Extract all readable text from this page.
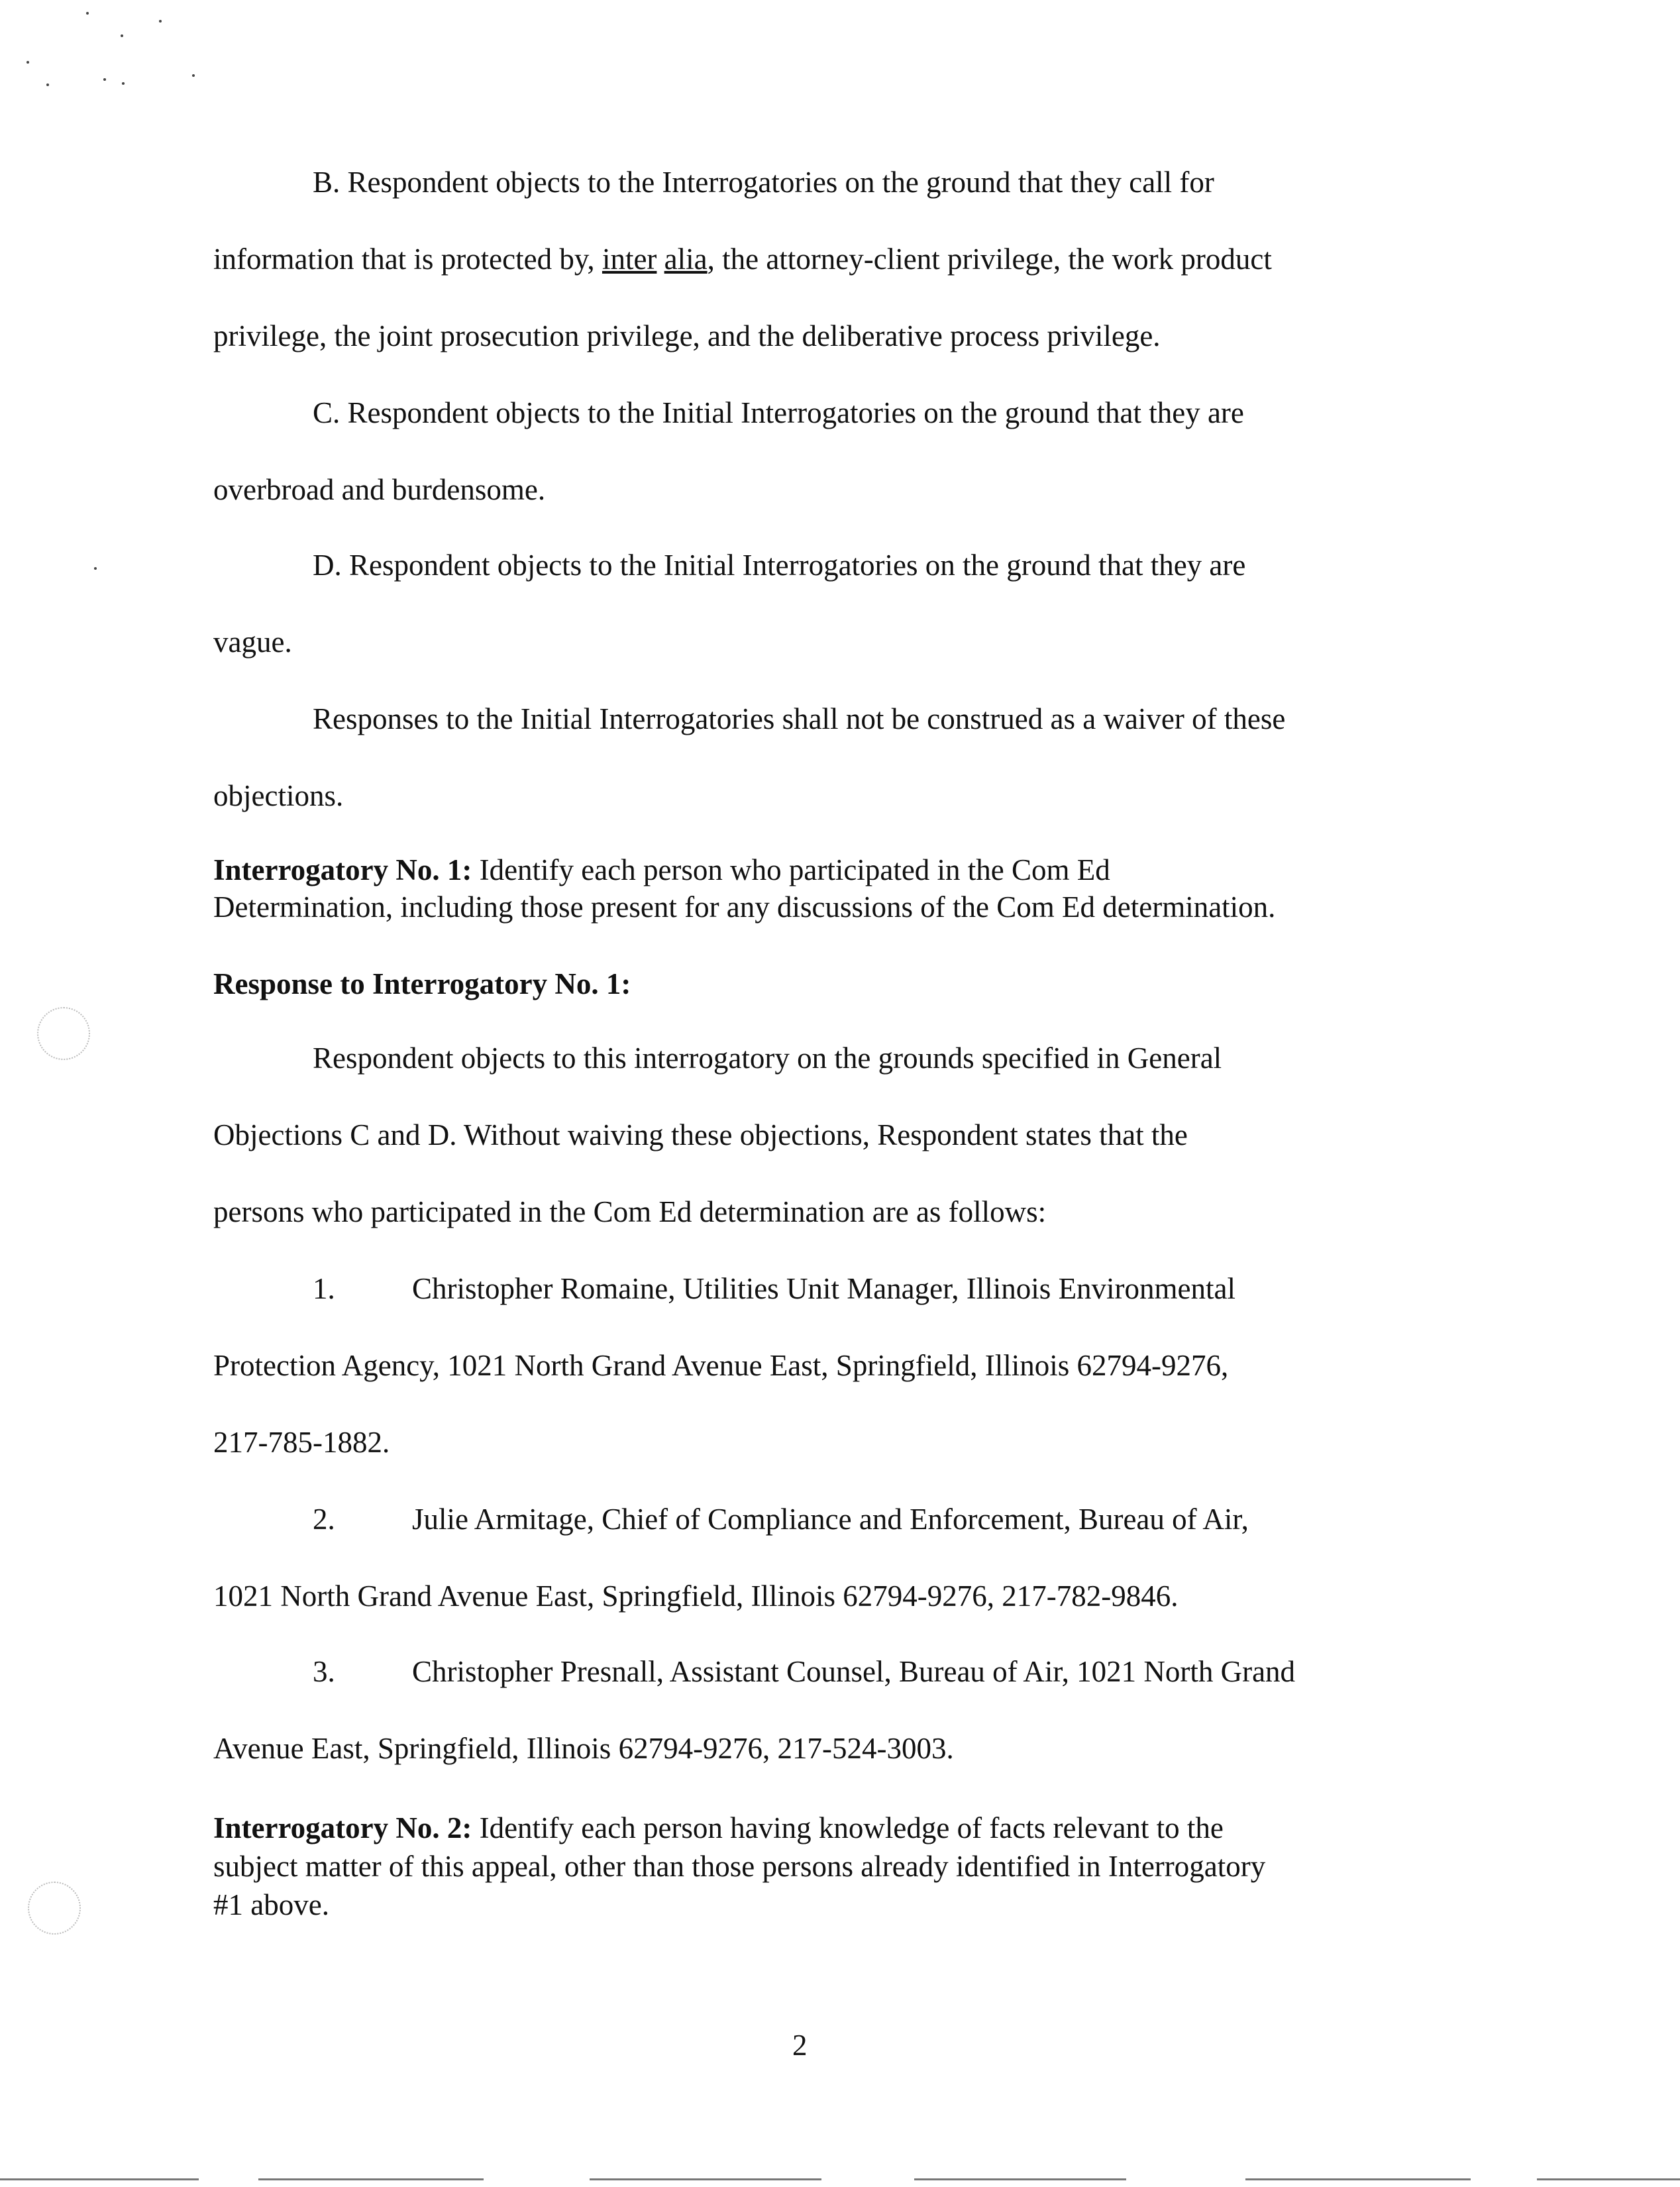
B. Respondent objects to the Interrogatories on the ground that they call for
information that is protected by, inter alia, the attorney-client privilege, the work product
privilege, the joint prosecution privilege, and the deliberative process privilege.
C. Respondent objects to the Initial Interrogatories on the ground that they are
overbroad and burdensome.
D. Respondent objects to the Initial Interrogatories on the ground that they are
vague.
Responses to the Initial Interrogatories shall not be construed as a waiver of these
objections.
Interrogatory No. 1: Identify each person who participated in the Com Ed
Determination, including those present for any discussions of the Com Ed determination.
Response to Interrogatory No. 1:
Respondent objects to this interrogatory on the grounds specified in General
Objections C and D. Without waiving these objections, Respondent states that the
persons who participated in the Com Ed determination are as follows:
1.	Christopher Romaine, Utilities Unit Manager, Illinois Environmental
Protection Agency, 1021 North Grand Avenue East, Springfield, Illinois 62794-9276,
217-785-1882.
2.	Julie Armitage, Chief of Compliance and Enforcement, Bureau of Air,
1021 North Grand Avenue East, Springfield, Illinois 62794-9276, 217-782-9846.
3.	Christopher Presnall, Assistant Counsel, Bureau of Air, 1021 North Grand
Avenue East, Springfield, Illinois 62794-9276, 217-524-3003.
Interrogatory No. 2: Identify each person having knowledge of facts relevant to the
subject matter of this appeal, other than those persons already identified in Interrogatory
#1 above.
2
